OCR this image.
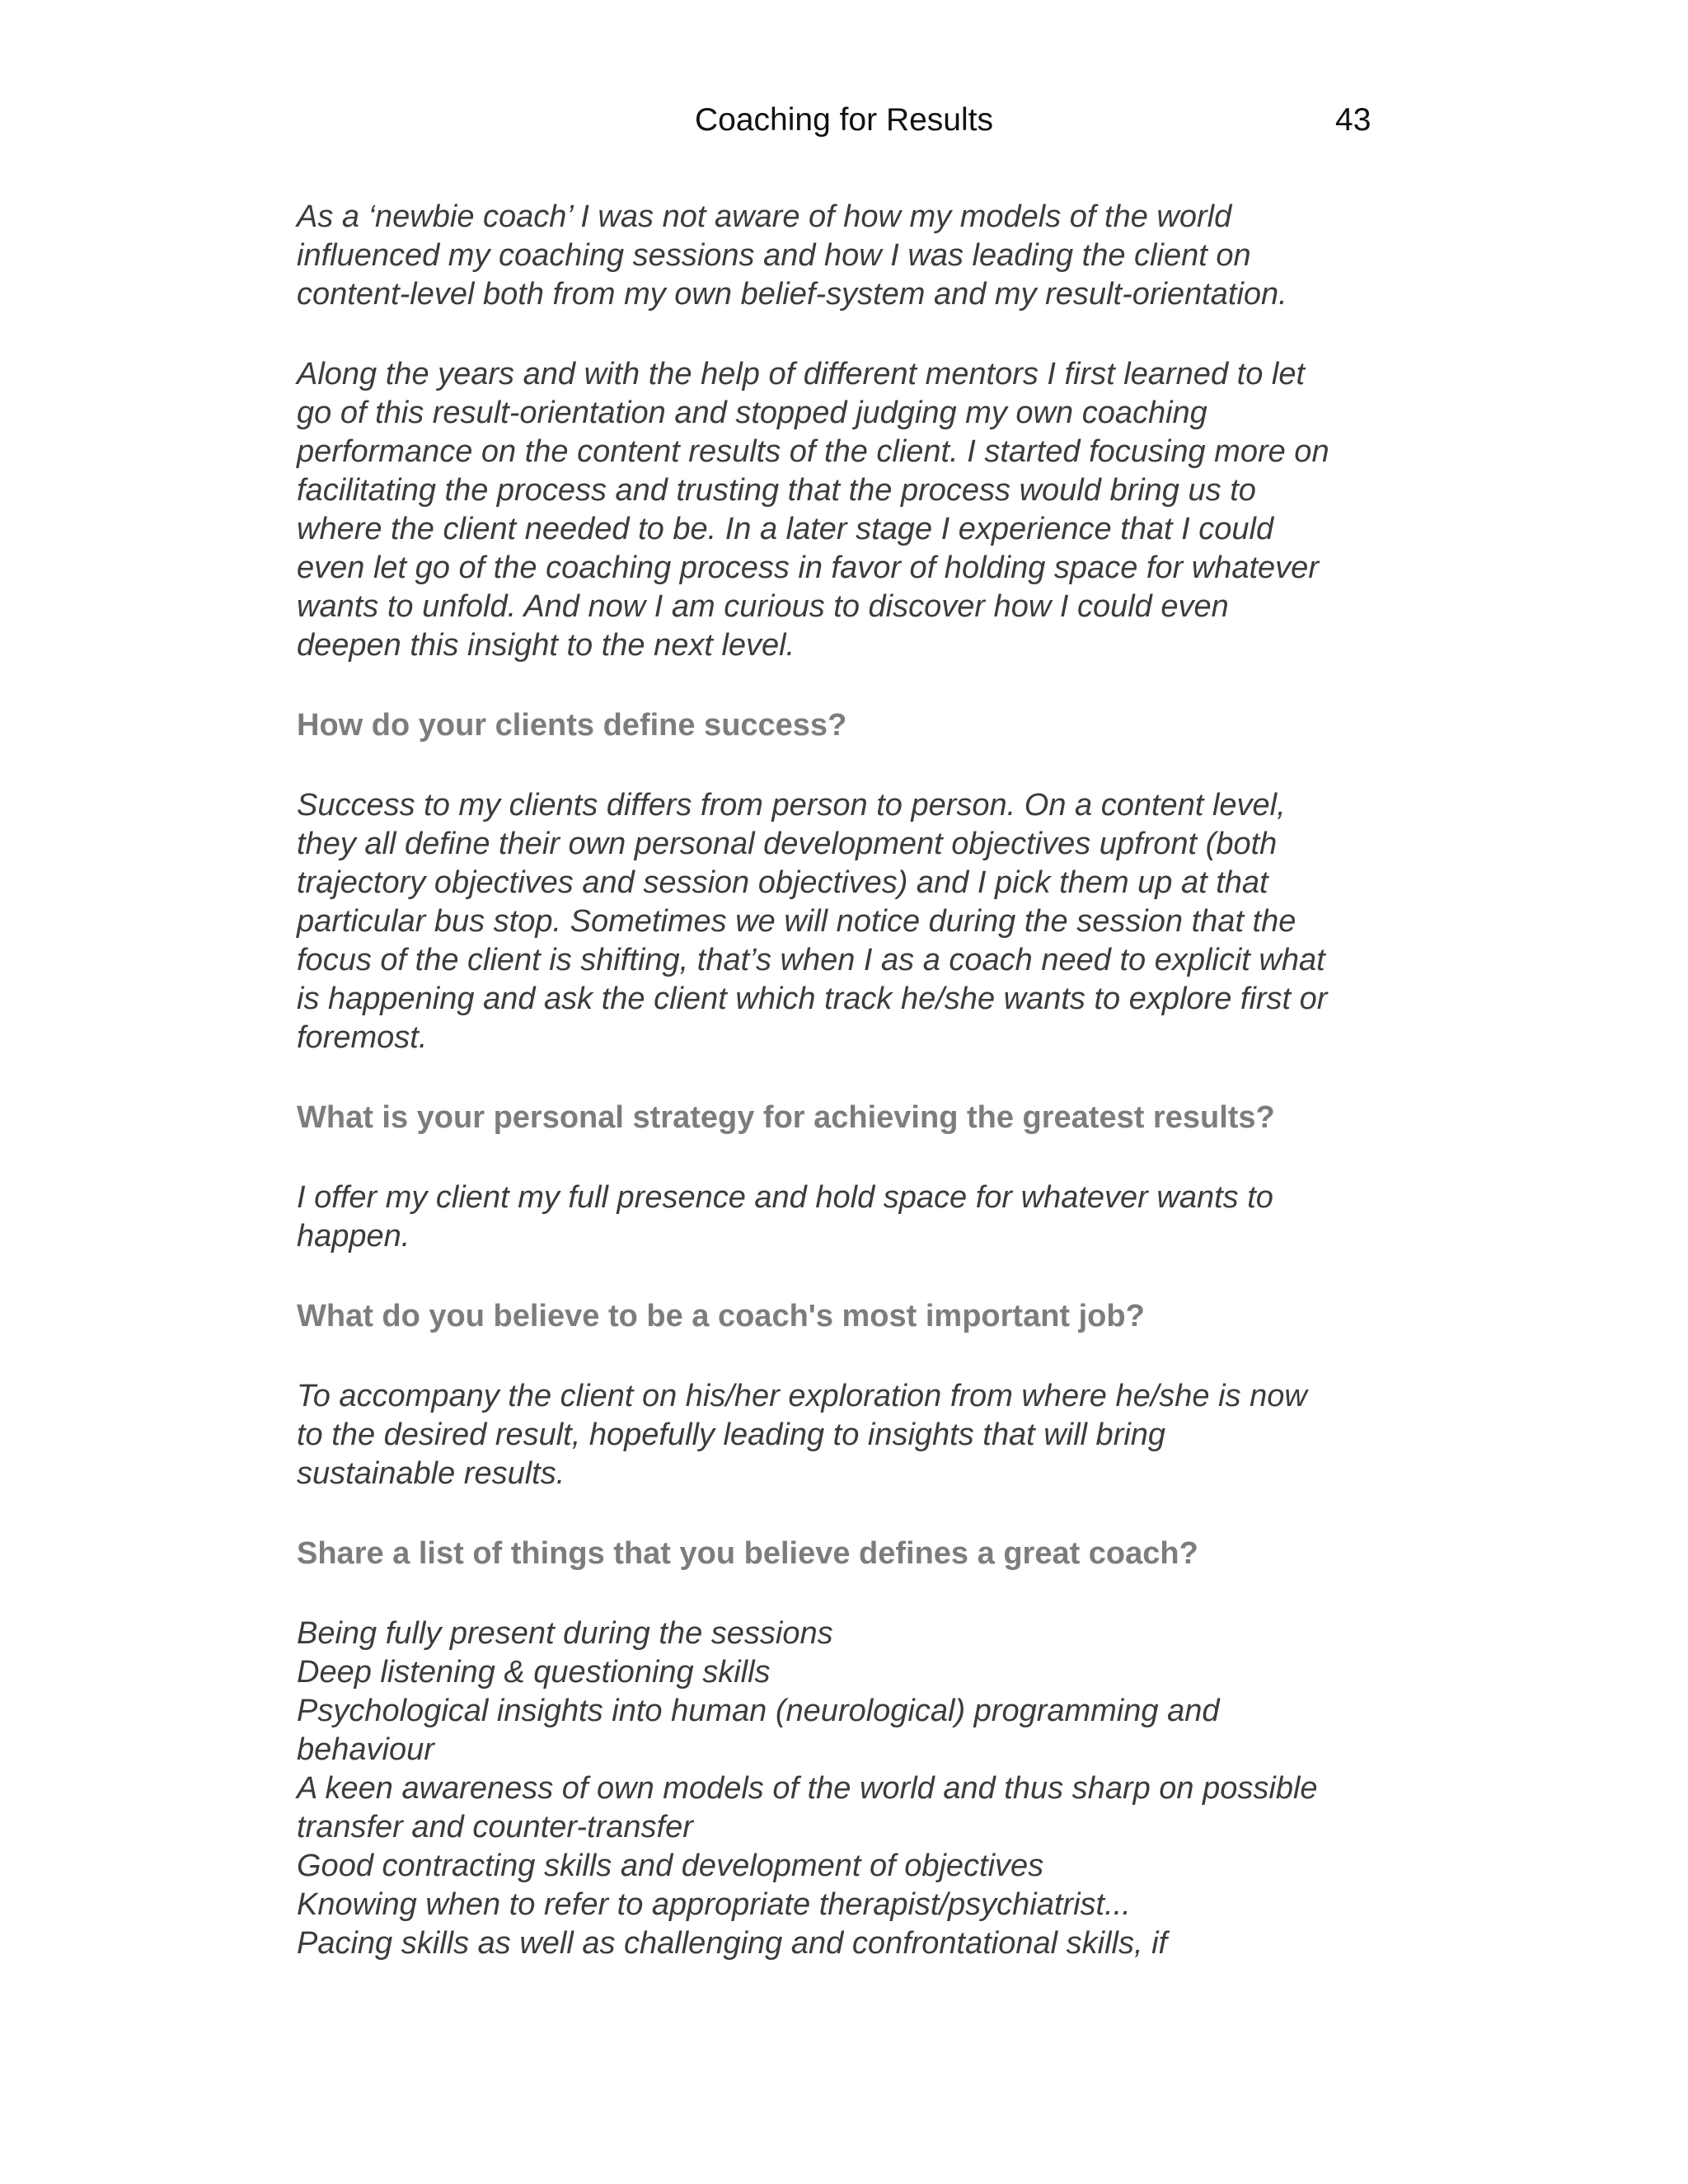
Coaching for Results	43
As a ‘newbie coach’ I was not aware of how my models of the world
influenced my coaching sessions and how I was leading the client on
content-level both from my own belief-system and my result-orientation.
Along the years and with the help of different mentors I first learned to let
go of this result-orientation and stopped judging my own coaching
performance on the content results of the client. I started focusing more on
facilitating the process and trusting that the process would bring us to
where the client needed to be. In a later stage I experience that I could
even let go of the coaching process in favor of holding space for whatever
wants to unfold. And now I am curious to discover how I could even
deepen this insight to the next level.
How do your clients define success?
Success to my clients differs from person to person. On a content level,
they all define their own personal development objectives upfront (both
trajectory objectives and session objectives) and I pick them up at that
particular bus stop. Sometimes we will notice during the session that the
focus of the client is shifting, that’s when I as a coach need to explicit what
is happening and ask the client which track he/she wants to explore first or
foremost.
What is your personal strategy for achieving the greatest results?
I offer my client my full presence and hold space for whatever wants to
happen.
What do you believe to be a coach's most important job?
To accompany the client on his/her exploration from where he/she is now
to the desired result, hopefully leading to insights that will bring
sustainable results.
Share a list of things that you believe defines a great coach?
Being fully present during the sessions
Deep listening & questioning skills
Psychological insights into human (neurological) programming and
behaviour
A keen awareness of own models of the world and thus sharp on possible
transfer and counter-transfer
Good contracting skills and development of objectives
Knowing when to refer to appropriate therapist/psychiatrist...
Pacing skills as well as challenging and confrontational skills, if
